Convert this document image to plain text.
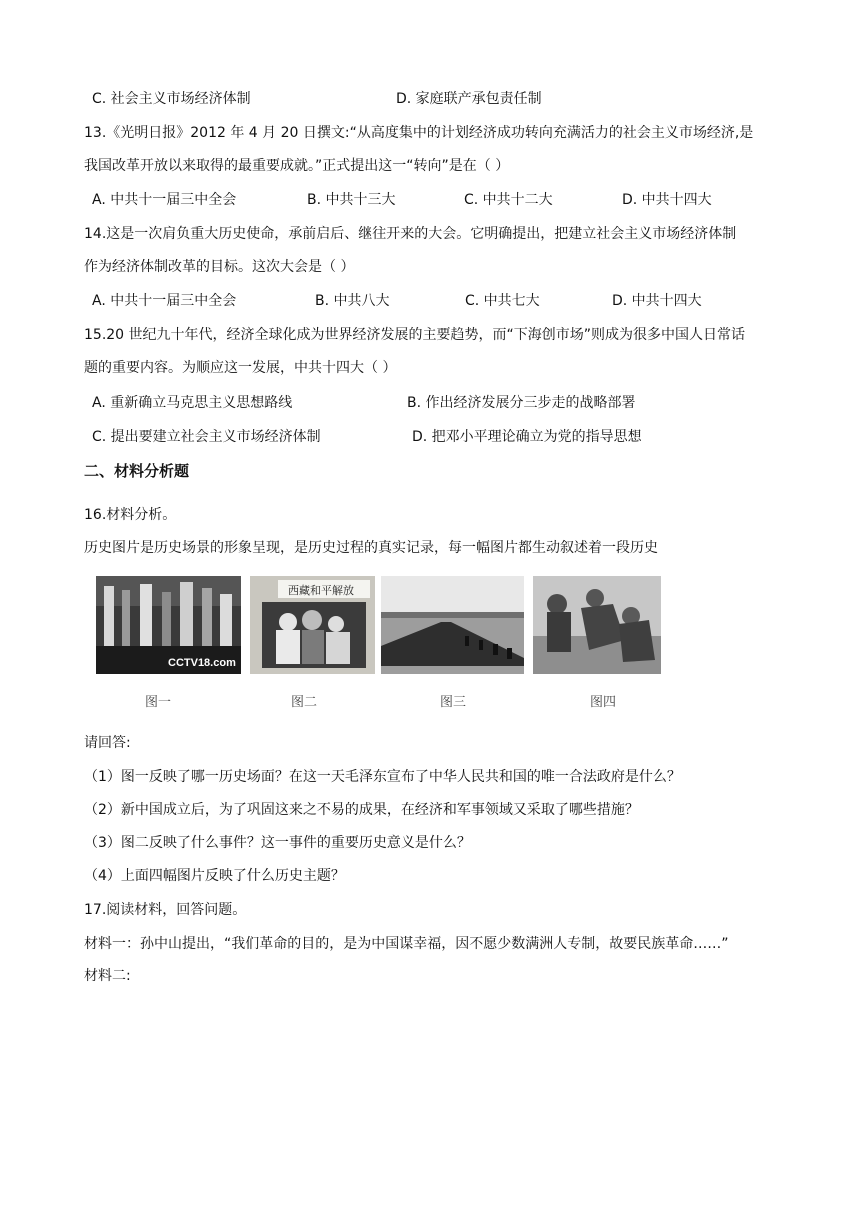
C. 社会主义市场经济体制	D. 家庭联产承包责任制
13.《光明日报》2012 年 4 月 20 日撰文:“从高度集中的计划经济成功转向充满活力的社会主义市场经济,是
我国改革开放以来取得的最重要成就。”正式提出这一“转向”是在（ ）
A. 中共十一届三中全会	B. 中共十三大	C. 中共十二大	D. 中共十四大
14.这是一次肩负重大历史使命，承前启后、继往开来的大会。它明确提出，把建立社会主义市场经济体制
作为经济体制改革的目标。这次大会是（ ）
A. 中共十一届三中全会	B. 中共八大	C. 中共七大	D. 中共十四大
15.20 世纪九十年代，经济全球化成为世界经济发展的主要趋势，而“下海创市场”则成为很多中国人日常话
题的重要内容。为顺应这一发展，中共十四大（ ）
A. 重新确立马克思主义思想路线	B. 作出经济发展分三步走的战略部署
C. 提出要建立社会主义市场经济体制	D. 把邓小平理论确立为党的指导思想
二、材料分析题
16.材料分析。
历史图片是历史场景的形象呈现，是历史过程的真实记录，每一幅图片都生动叙述着一段历史
CCTV18.com
西藏和平解放
图一	图二	图三	图四
请回答:
（1）图一反映了哪一历史场面？在这一天毛泽东宣布了中华人民共和国的唯一合法政府是什么？
（2）新中国成立后，为了巩固这来之不易的成果，在经济和军事领域又采取了哪些措施？
（3）图二反映了什么事件？这一事件的重要历史意义是什么？
（4）上面四幅图片反映了什么历史主题？
17.阅读材料，回答问题。
材料一：孙中山提出，“我们革命的目的，是为中国谋幸福，因不愿少数满洲人专制，故要民族革命……”
材料二:
